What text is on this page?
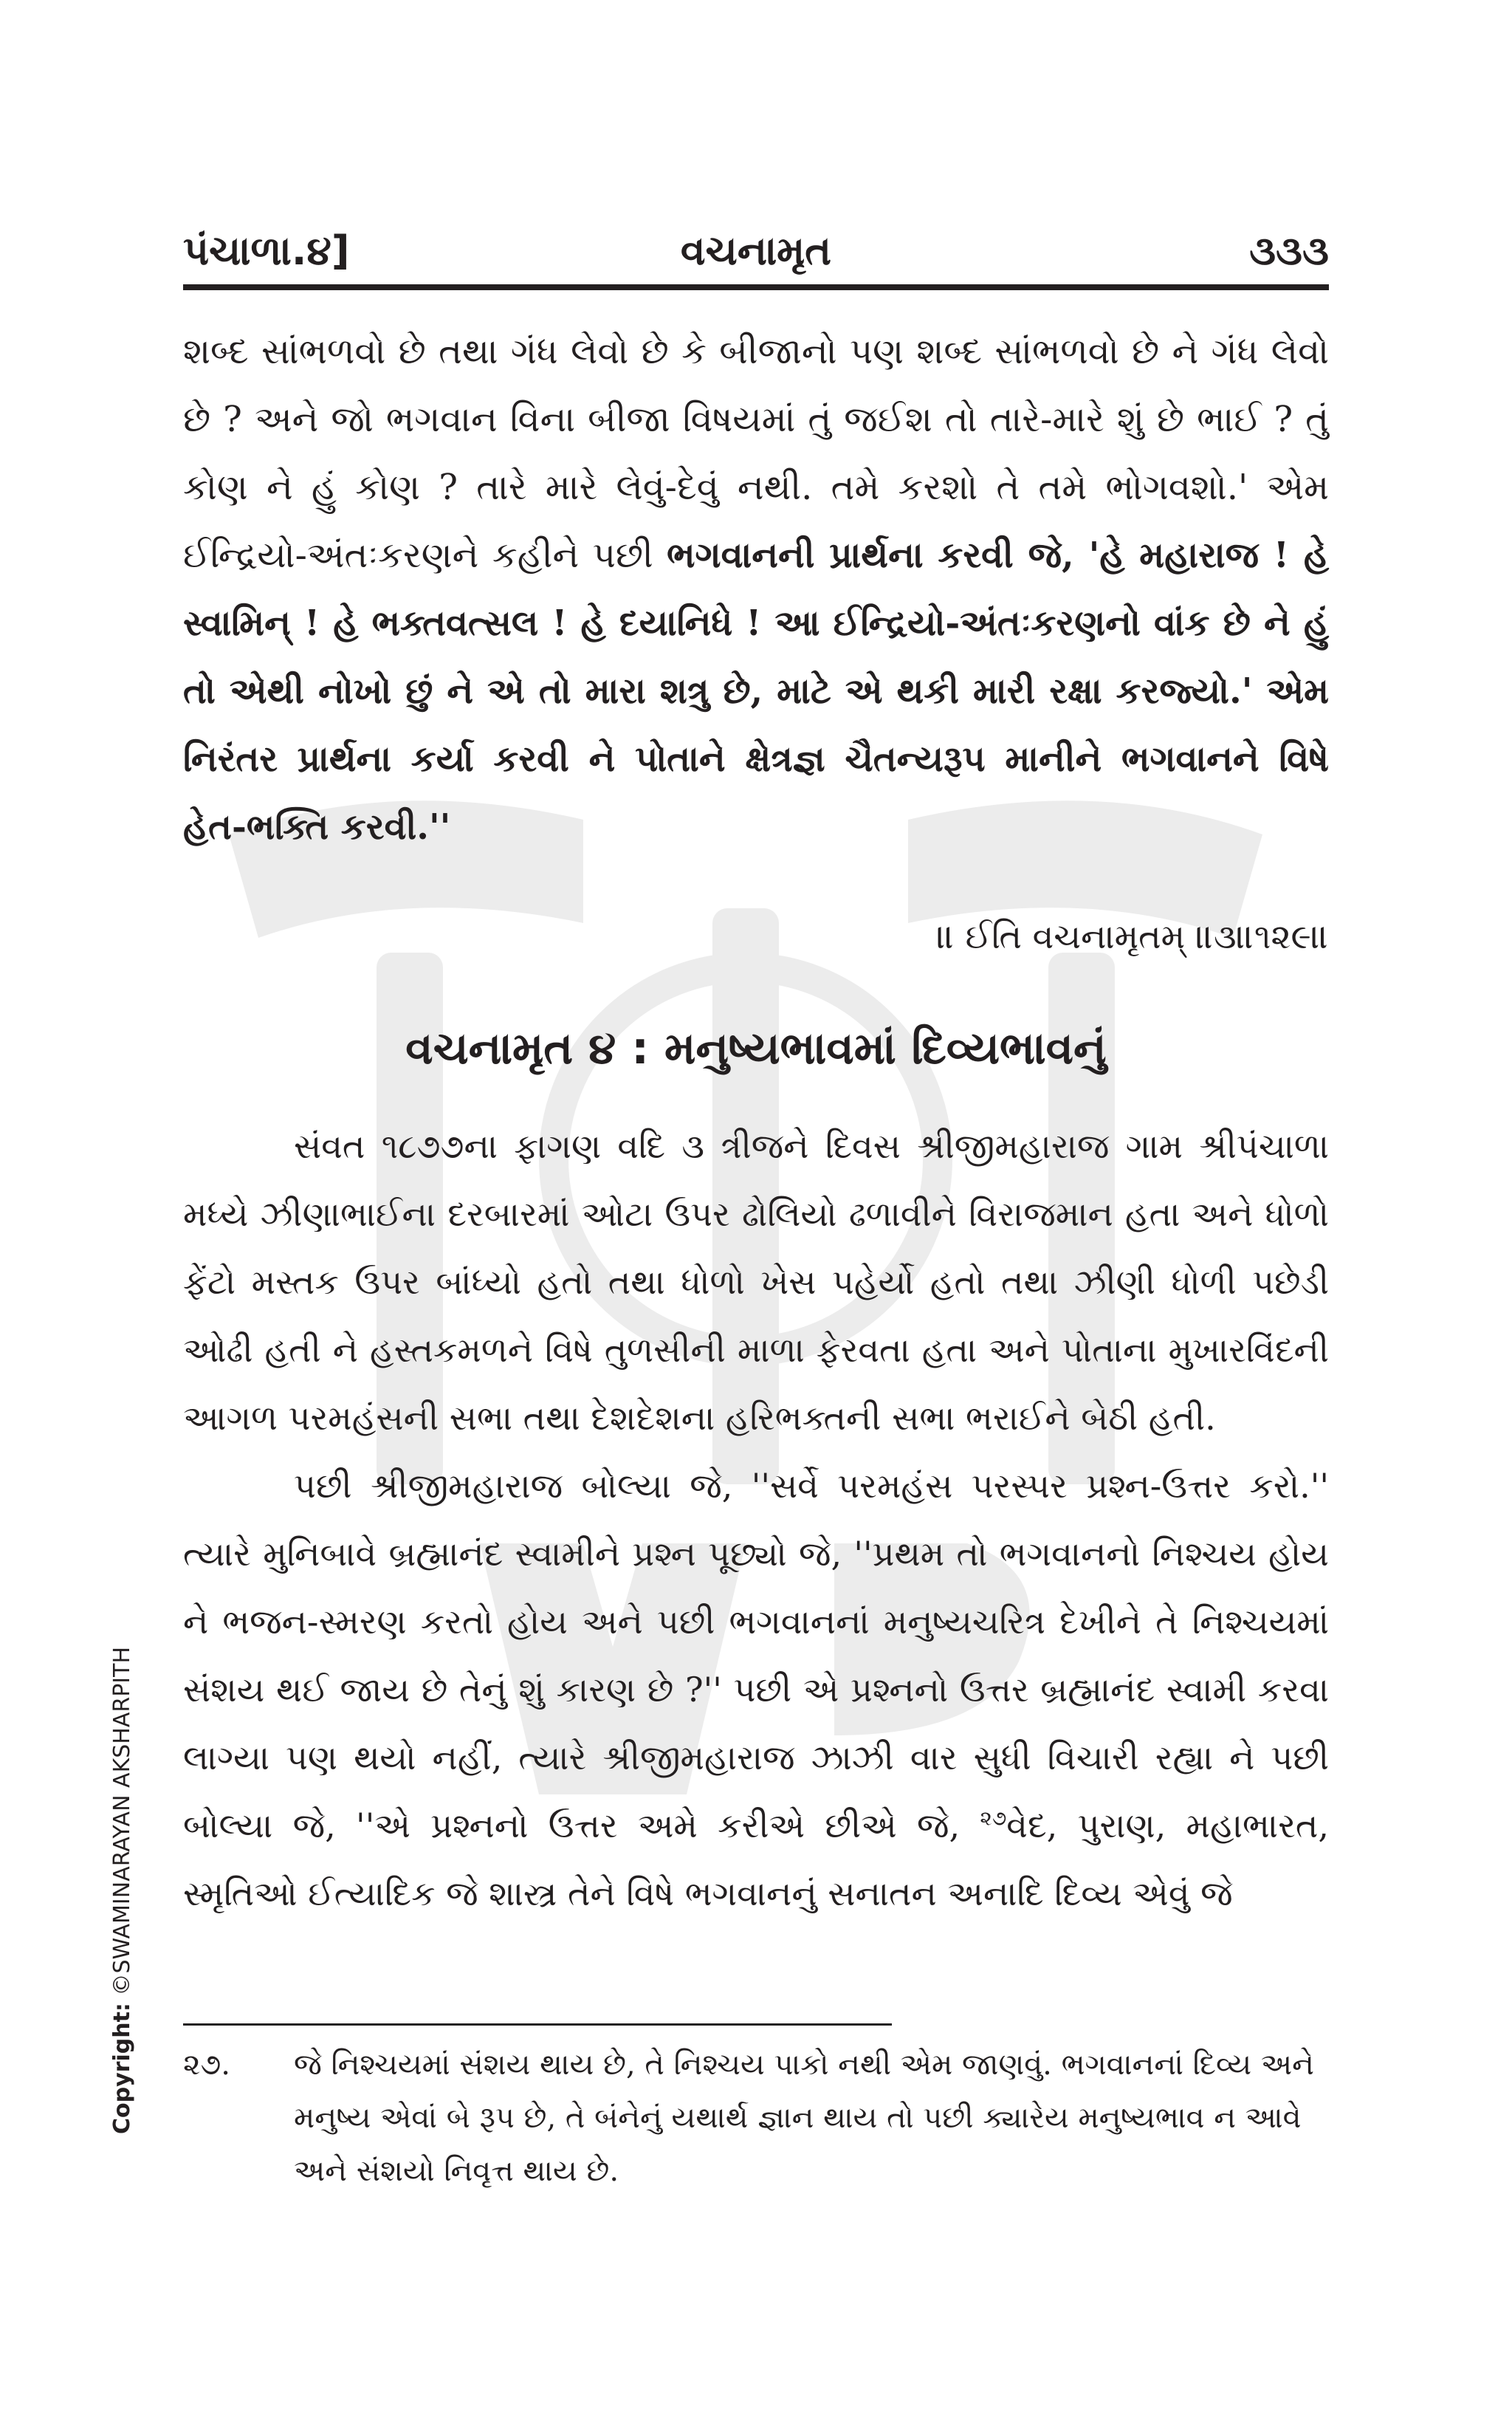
Copyright: ©SWAMINARAYAN AKSHARPITH
પંચાળા.૪]	વચનામૃત	૩૩૩

શબ્દ સાંભળવો છે તથા ગંધ લેવો છે કે બીજાનો પણ શબ્દ સાંભળવો છે ને ગંધ લેવો છે ? અને જો ભગવાન વિના બીજા વિષયમાં તું જઈશ તો તારે-મારે શું છે ભાઈ ? તું કોણ ને હું કોણ ? તારે મારે લેવું-દેવું નથી. તમે કરશો તે તમે ભોગવશો.' એમ ઈન્દ્રિયો-અંતઃકરણને કહીને પછી ભગવાનની પ્રાર્થના કરવી જે, 'હે મહારાજ ! હે સ્વામિન્ ! હે ભક્તવત્સલ ! હે દયાનિધે ! આ ઈન્દ્રિયો-અંતઃકરણનો વાંક છે ને હું તો એથી નોખો છું ને એ તો મારા શત્રુ છે, માટે એ થકી મારી રક્ષા કરજ્યો.' એમ નિરંતર પ્રાર્થના કર્યા કરવી ને પોતાને ક્ષેત્રજ્ઞ ચૈતન્યરૂપ માનીને ભગવાનને વિષે હેત-ભક્તિ કરવી.''

॥ ઈતિ વચનામૃતમ્ ॥૩॥૧૨૯॥
વચનામૃત ૪ : મનુષ્યભાવમાં દિવ્યભાવનું

સંવત ૧૮૭૭ના ફાગણ વદિ ૩ ત્રીજને દિવસ શ્રીજીમહારાજ ગામ શ્રીપંચાળા મધ્યે ઝીણાભાઈના દરબારમાં ઓટા ઉપર ઢોલિયો ઢળાવીને વિરાજમાન હતા અને ધોળો ફેંટો મસ્તક ઉપર બાંધ્યો હતો તથા ધોળો ખેસ પહેર્યો હતો તથા ઝીણી ધોળી પછેડી ઓઢી હતી ને હસ્તકમળને વિષે તુળસીની માળા ફેરવતા હતા અને પોતાના મુખારવિંદની આગળ પરમહંસની સભા તથા દેશદેશના હરિભક્તની સભા ભરાઈને બેઠી હતી.

પછી શ્રીજીમહારાજ બોલ્યા જે, ''સર્વે પરમહંસ પરસ્પર પ્રશ્ન-ઉત્તર કરો.'' ત્યારે મુનિબાવે બ્રહ્માનંદ સ્વામીને પ્રશ્ન પૂછ્યો જે, ''પ્રથમ તો ભગવાનનો નિશ્ચય હોય ને ભજન-સ્મરણ કરતો હોય અને પછી ભગવાનનાં મનુષ્યચરિત્ર દેખીને તે નિશ્ચયમાં સંશય થઈ જાય છે તેનું શું કારણ છે ?'' પછી એ પ્રશ્નનો ઉત્તર બ્રહ્માનંદ સ્વામી કરવા લાગ્યા પણ થયો નહીં, ત્યારે શ્રીજીમહારાજ ઝાઝી વાર સુધી વિચારી રહ્યા ને પછી બોલ્યા જે, ''એ પ્રશ્નનો ઉત્તર અમે કરીએ છીએ જે, $^{૨૭}$વેદ, પુરાણ, મહાભારત, સ્મૃતિઓ ઈત્યાદિક જે શાસ્ત્ર તેને વિષે ભગવાનનું સનાતન અનાદિ દિવ્ય એવું જે

૨૭. જે નિશ્ચયમાં સંશય થાય છે, તે નિશ્ચય પાકો નથી એમ જાણવું. ભગવાનનાં દિવ્ય અને મનુષ્ય એવાં બે રૂપ છે, તે બંનેનું યથાર્થ જ્ઞાન થાય તો પછી ક્યારેય મનુષ્યભાવ ન આવે અને સંશયો નિવૃત્ત થાય છે.
